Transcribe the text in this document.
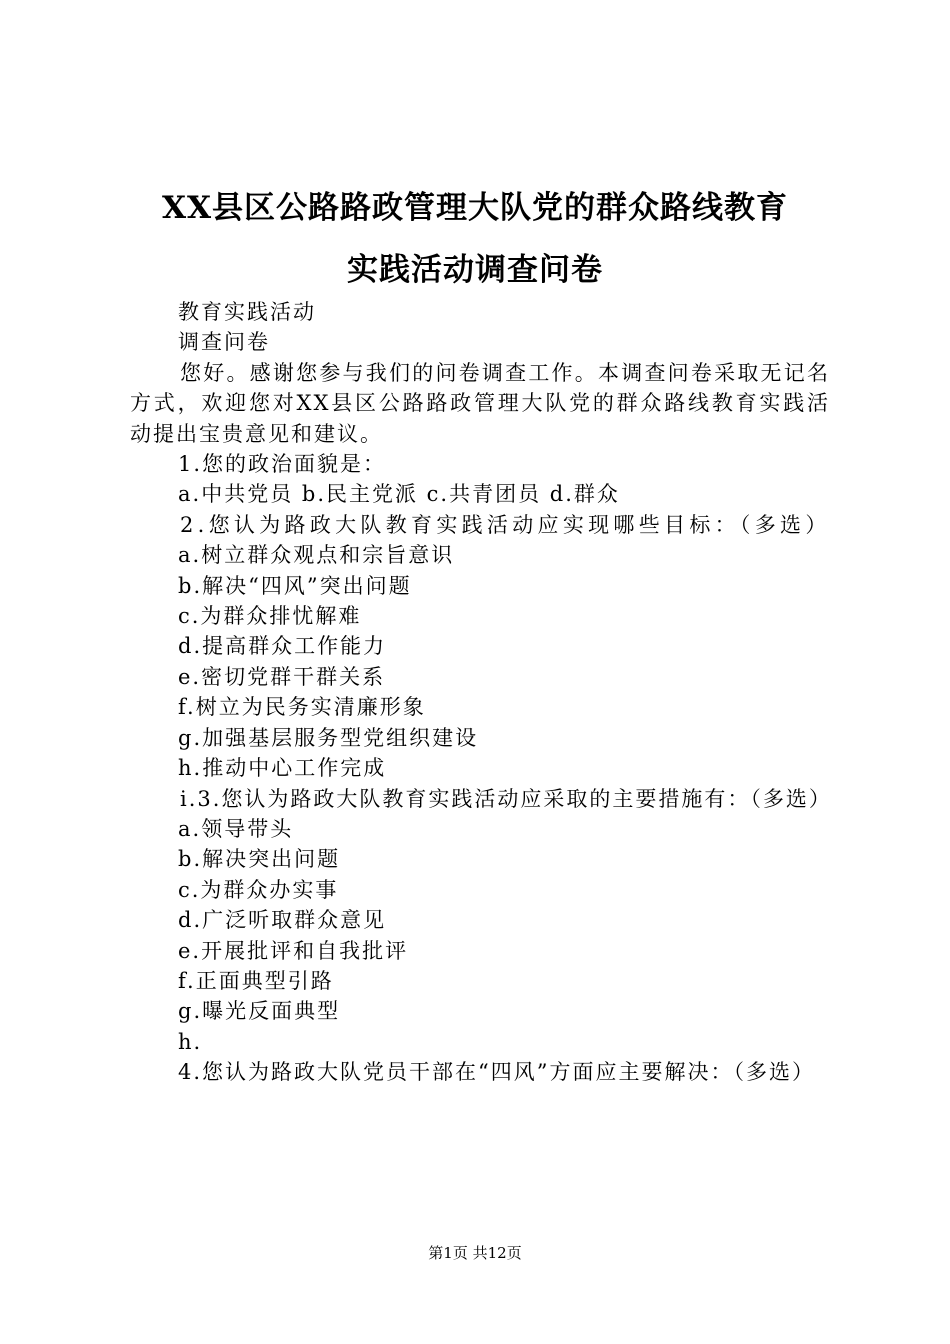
XX县区公路路政管理大队党的群众路线教育
实践活动调查问卷

教育实践活动

调查问卷

您好。感谢您参与我们的问卷调查工作。本调查问卷采取无记名方式，欢迎您对XX县区公路路政管理大队党的群众路线教育实践活动提出宝贵意见和建议。

1.您的政治面貌是：

a.中共党员 b.民主党派 c.共青团员 d.群众

2.您认为路政大队教育实践活动应实现哪些目标：（多选）

a.树立群众观点和宗旨意识

b.解决“四风”突出问题

c.为群众排忧解难

d.提高群众工作能力

e.密切党群干群关系

f.树立为民务实清廉形象

g.加强基层服务型党组织建设

h.推动中心工作完成

i.3.您认为路政大队教育实践活动应采取的主要措施有：（多选）

a.领导带头

b.解决突出问题

c.为群众办实事

d.广泛听取群众意见

e.开展批评和自我批评

f.正面典型引路

g.曝光反面典型

h.

4.您认为路政大队党员干部在“四风”方面应主要解决：（多选）

第1页 共12页
